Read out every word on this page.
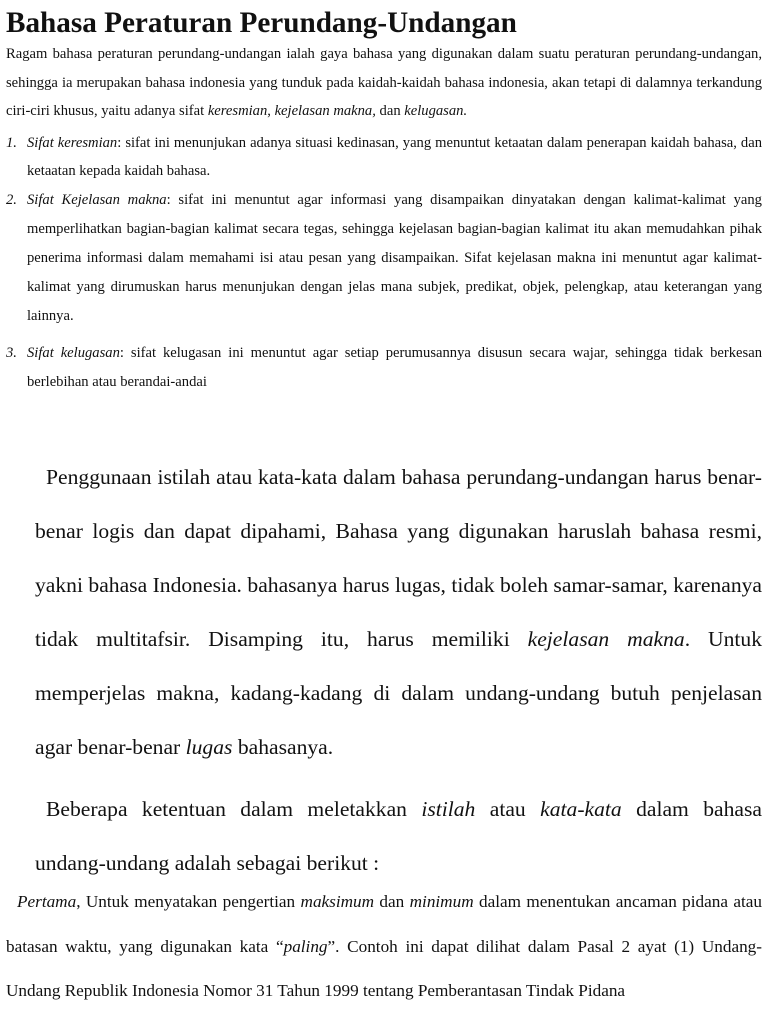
Bahasa Peraturan Perundang-Undangan

Ragam bahasa peraturan perundang-undangan ialah gaya bahasa yang digunakan dalam suatu peraturan perundang-undangan, sehingga ia merupakan bahasa indonesia yang tunduk pada kaidah-kaidah bahasa indonesia, akan tetapi di dalamnya terkandung ciri-ciri khusus, yaitu adanya sifat keresmian, kejelasan makna, dan kelugasan.

1. Sifat keresmian: sifat ini menunjukan adanya situasi kedinasan, yang menuntut ketaatan dalam penerapan kaidah bahasa, dan ketaatan kepada kaidah bahasa.
2. Sifat Kejelasan makna: sifat ini menuntut agar informasi yang disampaikan dinyatakan dengan kalimat-kalimat yang memperlihatkan bagian-bagian kalimat secara tegas, sehingga kejelasan bagian-bagian kalimat itu akan memudahkan pihak penerima informasi dalam memahami isi atau pesan yang disampaikan. Sifat kejelasan makna ini menuntut agar kalimat-kalimat yang dirumuskan harus menunjukan dengan jelas mana subjek, predikat, objek, pelengkap, atau keterangan yang lainnya.
3. Sifat kelugasan: sifat kelugasan ini menuntut agar setiap perumusannya disusun secara wajar, sehingga tidak berkesan berlebihan atau berandai-andai

Penggunaan istilah atau kata-kata dalam bahasa perundang-undangan harus benar-benar logis dan dapat dipahami, Bahasa yang digunakan haruslah bahasa resmi, yakni bahasa Indonesia. bahasanya harus lugas, tidak boleh samar-samar, karenanya tidak multitafsir. Disamping itu, harus memiliki kejelasan makna. Untuk memperjelas makna, kadang-kadang di dalam undang-undang butuh penjelasan agar benar-benar lugas bahasanya.

Beberapa ketentuan dalam meletakkan istilah atau kata-kata dalam bahasa undang-undang adalah sebagai berikut :

Pertama, Untuk menyatakan pengertian maksimum dan minimum dalam menentukan ancaman pidana atau batasan waktu, yang digunakan kata “paling”. Contoh ini dapat dilihat dalam Pasal 2 ayat (1) Undang-Undang Republik Indonesia Nomor 31 Tahun 1999 tentang Pemberantasan Tindak Pidana
